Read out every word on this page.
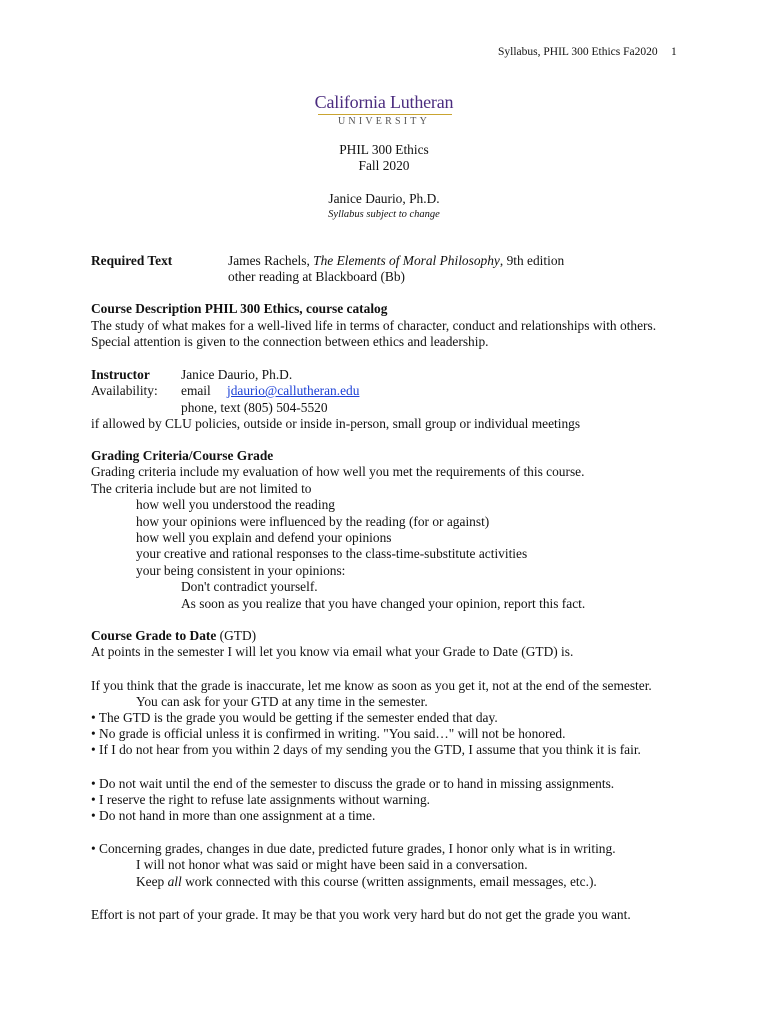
Syllabus, PHIL 300 Ethics Fa2020 1
California Lutheran
UNIVERSITY
PHIL 300 Ethics
Fall 2020
Janice Daurio, Ph.D.
Syllabus subject to change
Required Text	James Rachels, The Elements of Moral Philosophy, 9th edition
other reading at Blackboard (Bb)
Course Description PHIL 300 Ethics, course catalog
The study of what makes for a well-lived life in terms of character, conduct and relationships with others.
Special attention is given to the connection between ethics and leadership.
Instructor Janice Daurio, Ph.D.
Availability: email jdaurio@callutheran.edu
phone, text (805) 504-5520
if allowed by CLU policies, outside or inside in-person, small group or individual meetings
Grading Criteria/Course Grade
Grading criteria include my evaluation of how well you met the requirements of this course.
The criteria include but are not limited to
how well you understood the reading
how your opinions were influenced by the reading (for or against)
how well you explain and defend your opinions
your creative and rational responses to the class-time-substitute activities
your being consistent in your opinions:
Don't contradict yourself.
As soon as you realize that you have changed your opinion, report this fact.
Course Grade to Date (GTD)
At points in the semester I will let you know via email what your Grade to Date (GTD) is.
If you think that the grade is inaccurate, let me know as soon as you get it, not at the end of the semester.
You can ask for your GTD at any time in the semester.
• The GTD is the grade you would be getting if the semester ended that day.
• No grade is official unless it is confirmed in writing. "You said…" will not be honored.
• If I do not hear from you within 2 days of my sending you the GTD, I assume that you think it is fair.
• Do not wait until the end of the semester to discuss the grade or to hand in missing assignments.
• I reserve the right to refuse late assignments without warning.
• Do not hand in more than one assignment at a time.
• Concerning grades, changes in due date, predicted future grades, I honor only what is in writing.
I will not honor what was said or might have been said in a conversation.
Keep all work connected with this course (written assignments, email messages, etc.).
Effort is not part of your grade. It may be that you work very hard but do not get the grade you want.
